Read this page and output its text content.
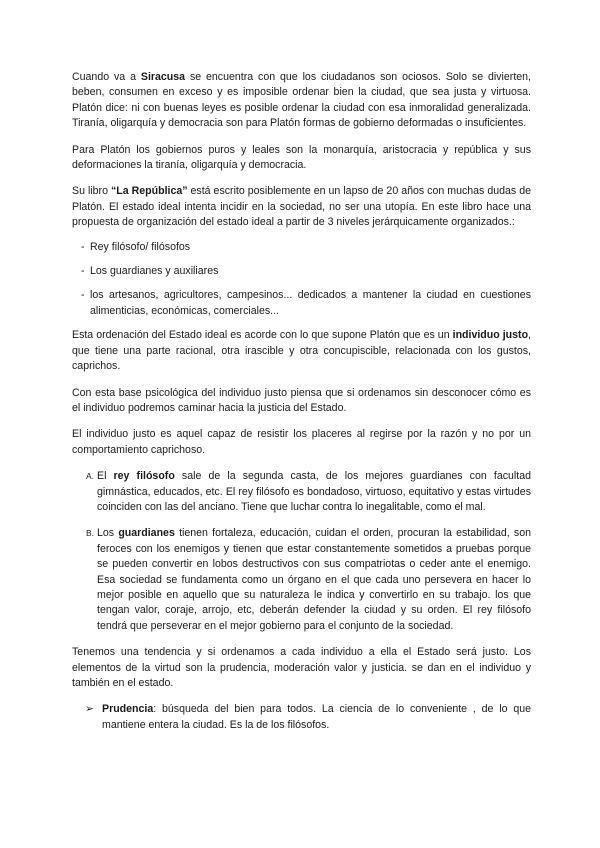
Cuando va a Siracusa se encuentra con que los ciudadanos son ociosos. Solo se divierten, beben, consumen en exceso y es imposible ordenar bien la ciudad, que sea justa y virtuosa. Platón dice: ni con buenas leyes es posible ordenar la ciudad con esa inmoralidad generalizada. Tiranía, oligarquía y democracia son para Platón formas de gobierno deformadas o insuficientes.

Para Platón los gobiernos puros y leales son la monarquía, aristocracia y república y sus deformaciones la tiranía, oligarquía y democracia.

Su libro “La República” está escrito posiblemente en un lapso de 20 años con muchas dudas de Platón. El estado ideal intenta incidir en la sociedad, no ser una utopía. En este libro hace una propuesta de organización del estado ideal a partir de 3 niveles jerárquicamente organizados.:

- Rey filósofo/ filósofos
- Los guardianes y auxiliares
- los artesanos, agricultores, campesinos... dedicados a mantener la ciudad en cuestiones alimenticias, económicas, comerciales...

Esta ordenación del Estado ideal es acorde con lo que supone Platón que es un individuo justo, que tiene una parte racional, otra irascible y otra concupiscible, relacionada con los gustos, caprichos.

Con esta base psicológica del individuo justo piensa que si ordenamos sin desconocer cómo es el individuo podremos caminar hacia la justicia del Estado.

El individuo justo es aquel capaz de resistir los placeres al regirse por la razón y no por un comportamiento caprichoso.

A. El rey filósofo sale de la segunda casta, de los mejores guardianes con facultad gimnástica, educados, etc. El rey filósofo es bondadoso, virtuoso, equitativo y estas virtudes coinciden con las del anciano. Tiene que luchar contra lo inegalitable, como el mal.
B. Los guardianes tienen fortaleza, educación, cuidan el orden, procuran la estabilidad, son feroces con los enemigos y tienen que estar constantemente sometidos a pruebas porque se pueden convertir en lobos destructivos con sus compatriotas o ceder ante el enemigo. Esa sociedad se fundamenta como un órgano en el que cada uno persevera en hacer lo mejor posible en aquello que su naturaleza le indica y convertirlo en su trabajo. los que tengan valor, coraje, arrojo, etc, deberán defender la ciudad y su orden. El rey filósofo tendrá que perseverar en el mejor gobierno para el conjunto de la sociedad.

Tenemos una tendencia y si ordenamos a cada individuo a ella el Estado será justo. Los elementos de la virtud son la prudencia, moderación valor y justicia. se dan en el individuo y también en el estado.

➢ Prudencia: búsqueda del bien para todos. La ciencia de lo conveniente , de lo que mantiene entera la ciudad. Es la de los filósofos.
